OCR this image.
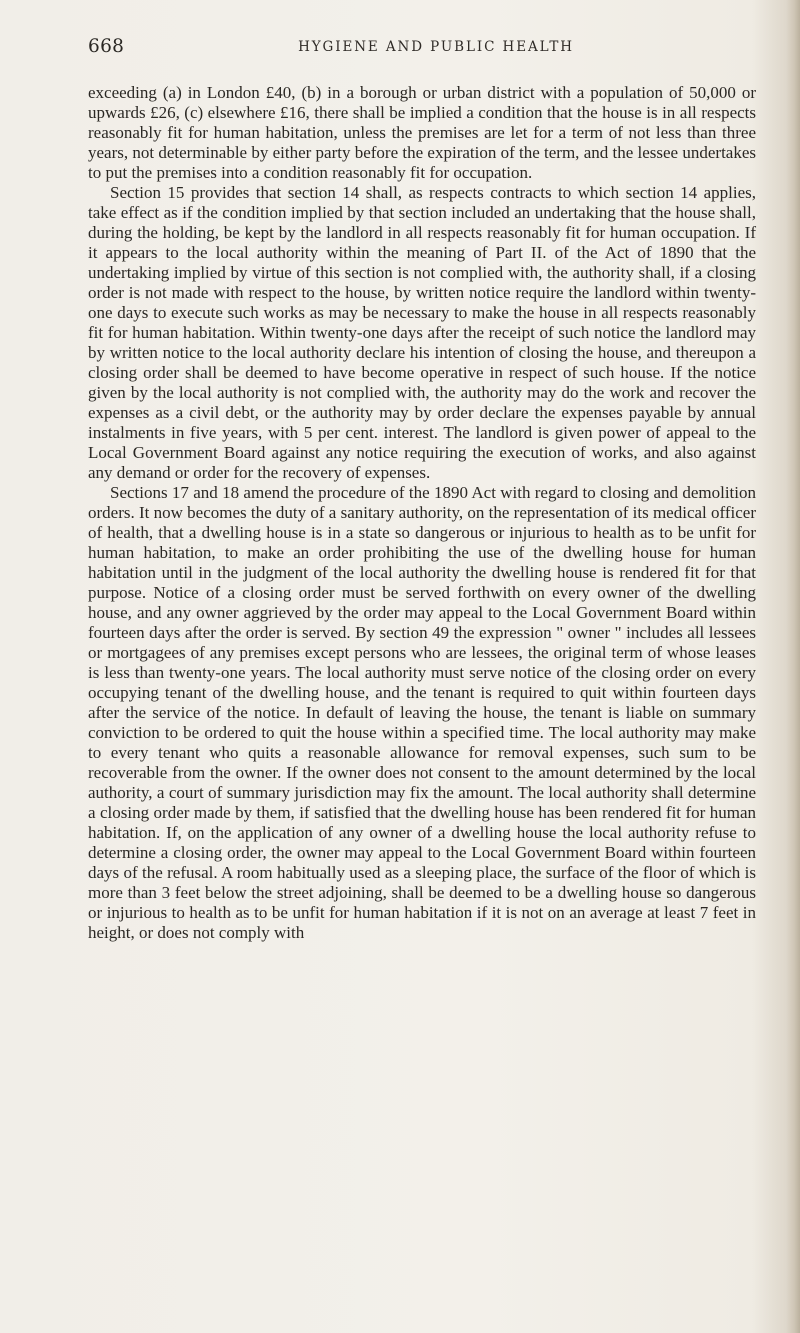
668	HYGIENE AND PUBLIC HEALTH

exceeding (a) in London £40, (b) in a borough or urban district with a population of 50,000 or upwards £26, (c) elsewhere £16, there shall be implied a condition that the house is in all respects reasonably fit for human habitation, unless the premises are let for a term of not less than three years, not determinable by either party before the expiration of the term, and the lessee undertakes to put the premises into a condition reasonably fit for occupation.

Section 15 provides that section 14 shall, as respects contracts to which section 14 applies, take effect as if the condition implied by that section included an undertaking that the house shall, during the holding, be kept by the landlord in all respects reasonably fit for human occupation. If it appears to the local authority within the meaning of Part II. of the Act of 1890 that the undertaking implied by virtue of this section is not complied with, the authority shall, if a closing order is not made with respect to the house, by written notice require the landlord within twenty-one days to execute such works as may be necessary to make the house in all respects reasonably fit for human habitation. Within twenty-one days after the receipt of such notice the landlord may by written notice to the local authority declare his intention of closing the house, and thereupon a closing order shall be deemed to have become operative in respect of such house. If the notice given by the local authority is not complied with, the authority may do the work and recover the expenses as a civil debt, or the authority may by order declare the expenses payable by annual instalments in five years, with 5 per cent. interest. The landlord is given power of appeal to the Local Government Board against any notice requiring the execution of works, and also against any demand or order for the recovery of expenses.

Sections 17 and 18 amend the procedure of the 1890 Act with regard to closing and demolition orders. It now becomes the duty of a sanitary authority, on the representation of its medical officer of health, that a dwelling house is in a state so dangerous or injurious to health as to be unfit for human habitation, to make an order prohibiting the use of the dwelling house for human habitation until in the judgment of the local authority the dwelling house is rendered fit for that purpose. Notice of a closing order must be served forthwith on every owner of the dwelling house, and any owner aggrieved by the order may appeal to the Local Government Board within fourteen days after the order is served. By section 49 the expression " owner " includes all lessees or mortgagees of any premises except persons who are lessees, the original term of whose leases is less than twenty-one years. The local authority must serve notice of the closing order on every occupying tenant of the dwelling house, and the tenant is required to quit within fourteen days after the service of the notice. In default of leaving the house, the tenant is liable on summary conviction to be ordered to quit the house within a specified time. The local authority may make to every tenant who quits a reasonable allowance for removal expenses, such sum to be recoverable from the owner. If the owner does not consent to the amount determined by the local authority, a court of summary jurisdiction may fix the amount. The local authority shall determine a closing order made by them, if satisfied that the dwelling house has been rendered fit for human habitation. If, on the application of any owner of a dwelling house the local authority refuse to determine a closing order, the owner may appeal to the Local Government Board within fourteen days of the refusal. A room habitually used as a sleeping place, the surface of the floor of which is more than 3 feet below the street adjoining, shall be deemed to be a dwelling house so dangerous or injurious to health as to be unfit for human habitation if it is not on an average at least 7 feet in height, or does not comply with
